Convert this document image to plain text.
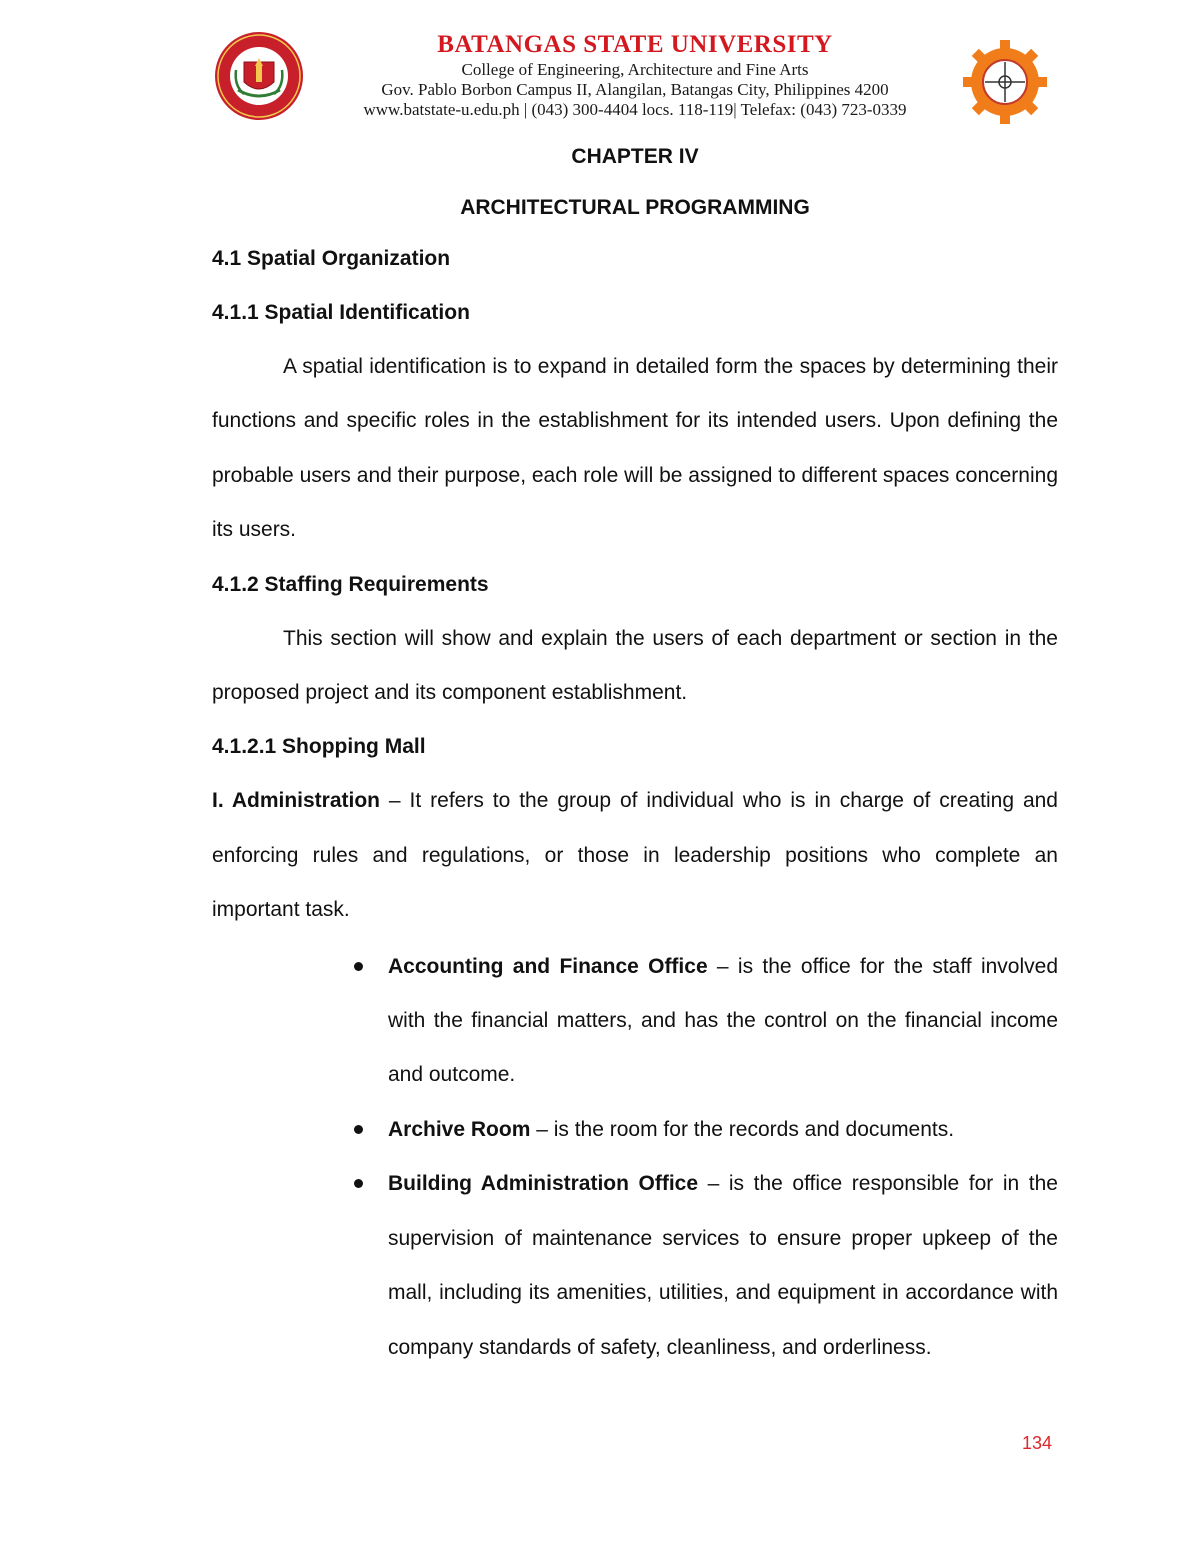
BATANGAS STATE UNIVERSITY
College of Engineering, Architecture and Fine Arts
Gov. Pablo Borbon Campus II, Alangilan, Batangas City, Philippines 4200
www.batstate-u.edu.ph | (043) 300-4404 locs. 118-119| Telefax: (043) 723-0339

CHAPTER IV

ARCHITECTURAL PROGRAMMING

4.1 Spatial Organization

4.1.1 Spatial Identification

A spatial identification is to expand in detailed form the spaces by determining their functions and specific roles in the establishment for its intended users. Upon defining the probable users and their purpose, each role will be assigned to different spaces concerning its users.

4.1.2 Staffing Requirements

This section will show and explain the users of each department or section in the proposed project and its component establishment.

4.1.2.1 Shopping Mall

I. Administration – It refers to the group of individual who is in charge of creating and enforcing rules and regulations, or those in leadership positions who complete an important task.

Accounting and Finance Office – is the office for the staff involved with the financial matters, and has the control on the financial income and outcome.
Archive Room – is the room for the records and documents.
Building Administration Office – is the office responsible for in the supervision of maintenance services to ensure proper upkeep of the mall, including its amenities, utilities, and equipment in accordance with company standards of safety, cleanliness, and orderliness.
134
